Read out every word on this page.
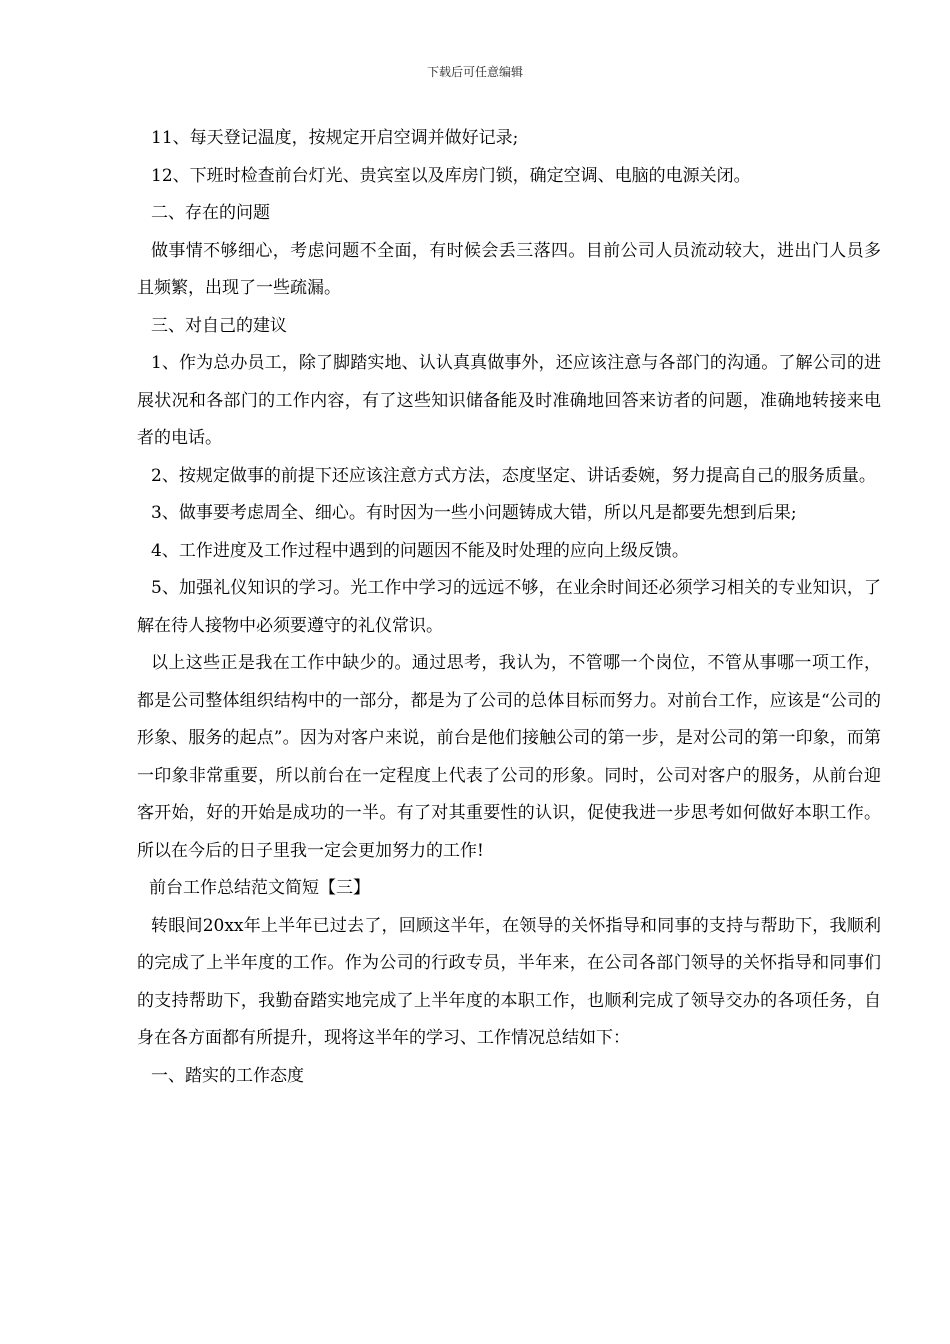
下载后可任意编辑

11、每天登记温度，按规定开启空调并做好记录;

12、下班时检查前台灯光、贵宾室以及库房门锁，确定空调、电脑的电源关闭。

二、存在的问题

做事情不够细心，考虑问题不全面，有时候会丢三落四。目前公司人员流动较大，进出门人员多且频繁，出现了一些疏漏。

三、对自己的建议

1、作为总办员工，除了脚踏实地、认认真真做事外，还应该注意与各部门的沟通。了解公司的进展状况和各部门的工作内容，有了这些知识储备能及时准确地回答来访者的问题，准确地转接来电者的电话。

2、按规定做事的前提下还应该注意方式方法，态度坚定、讲话委婉，努力提高自己的服务质量。

3、做事要考虑周全、细心。有时因为一些小问题铸成大错，所以凡是都要先想到后果;

4、工作进度及工作过程中遇到的问题因不能及时处理的应向上级反馈。

5、加强礼仪知识的学习。光工作中学习的远远不够，在业余时间还必须学习相关的专业知识，了解在待人接物中必须要遵守的礼仪常识。

以上这些正是我在工作中缺少的。通过思考，我认为，不管哪一个岗位，不管从事哪一项工作，都是公司整体组织结构中的一部分，都是为了公司的总体目标而努力。对前台工作，应该是“公司的形象、服务的起点”。因为对客户来说，前台是他们接触公司的第一步，是对公司的第一印象，而第一印象非常重要，所以前台在一定程度上代表了公司的形象。同时，公司对客户的服务，从前台迎客开始，好的开始是成功的一半。有了对其重要性的认识，促使我进一步思考如何做好本职工作。所以在今后的日子里我一定会更加努力的工作!

前台工作总结范文简短【三】

转眼间20xx年上半年已过去了，回顾这半年，在领导的关怀指导和同事的支持与帮助下，我顺利的完成了上半年度的工作。作为公司的行政专员，半年来，在公司各部门领导的关怀指导和同事们的支持帮助下，我勤奋踏实地完成了上半年度的本职工作，也顺利完成了领导交办的各项任务，自身在各方面都有所提升，现将这半年的学习、工作情况总结如下：

一、踏实的工作态度
